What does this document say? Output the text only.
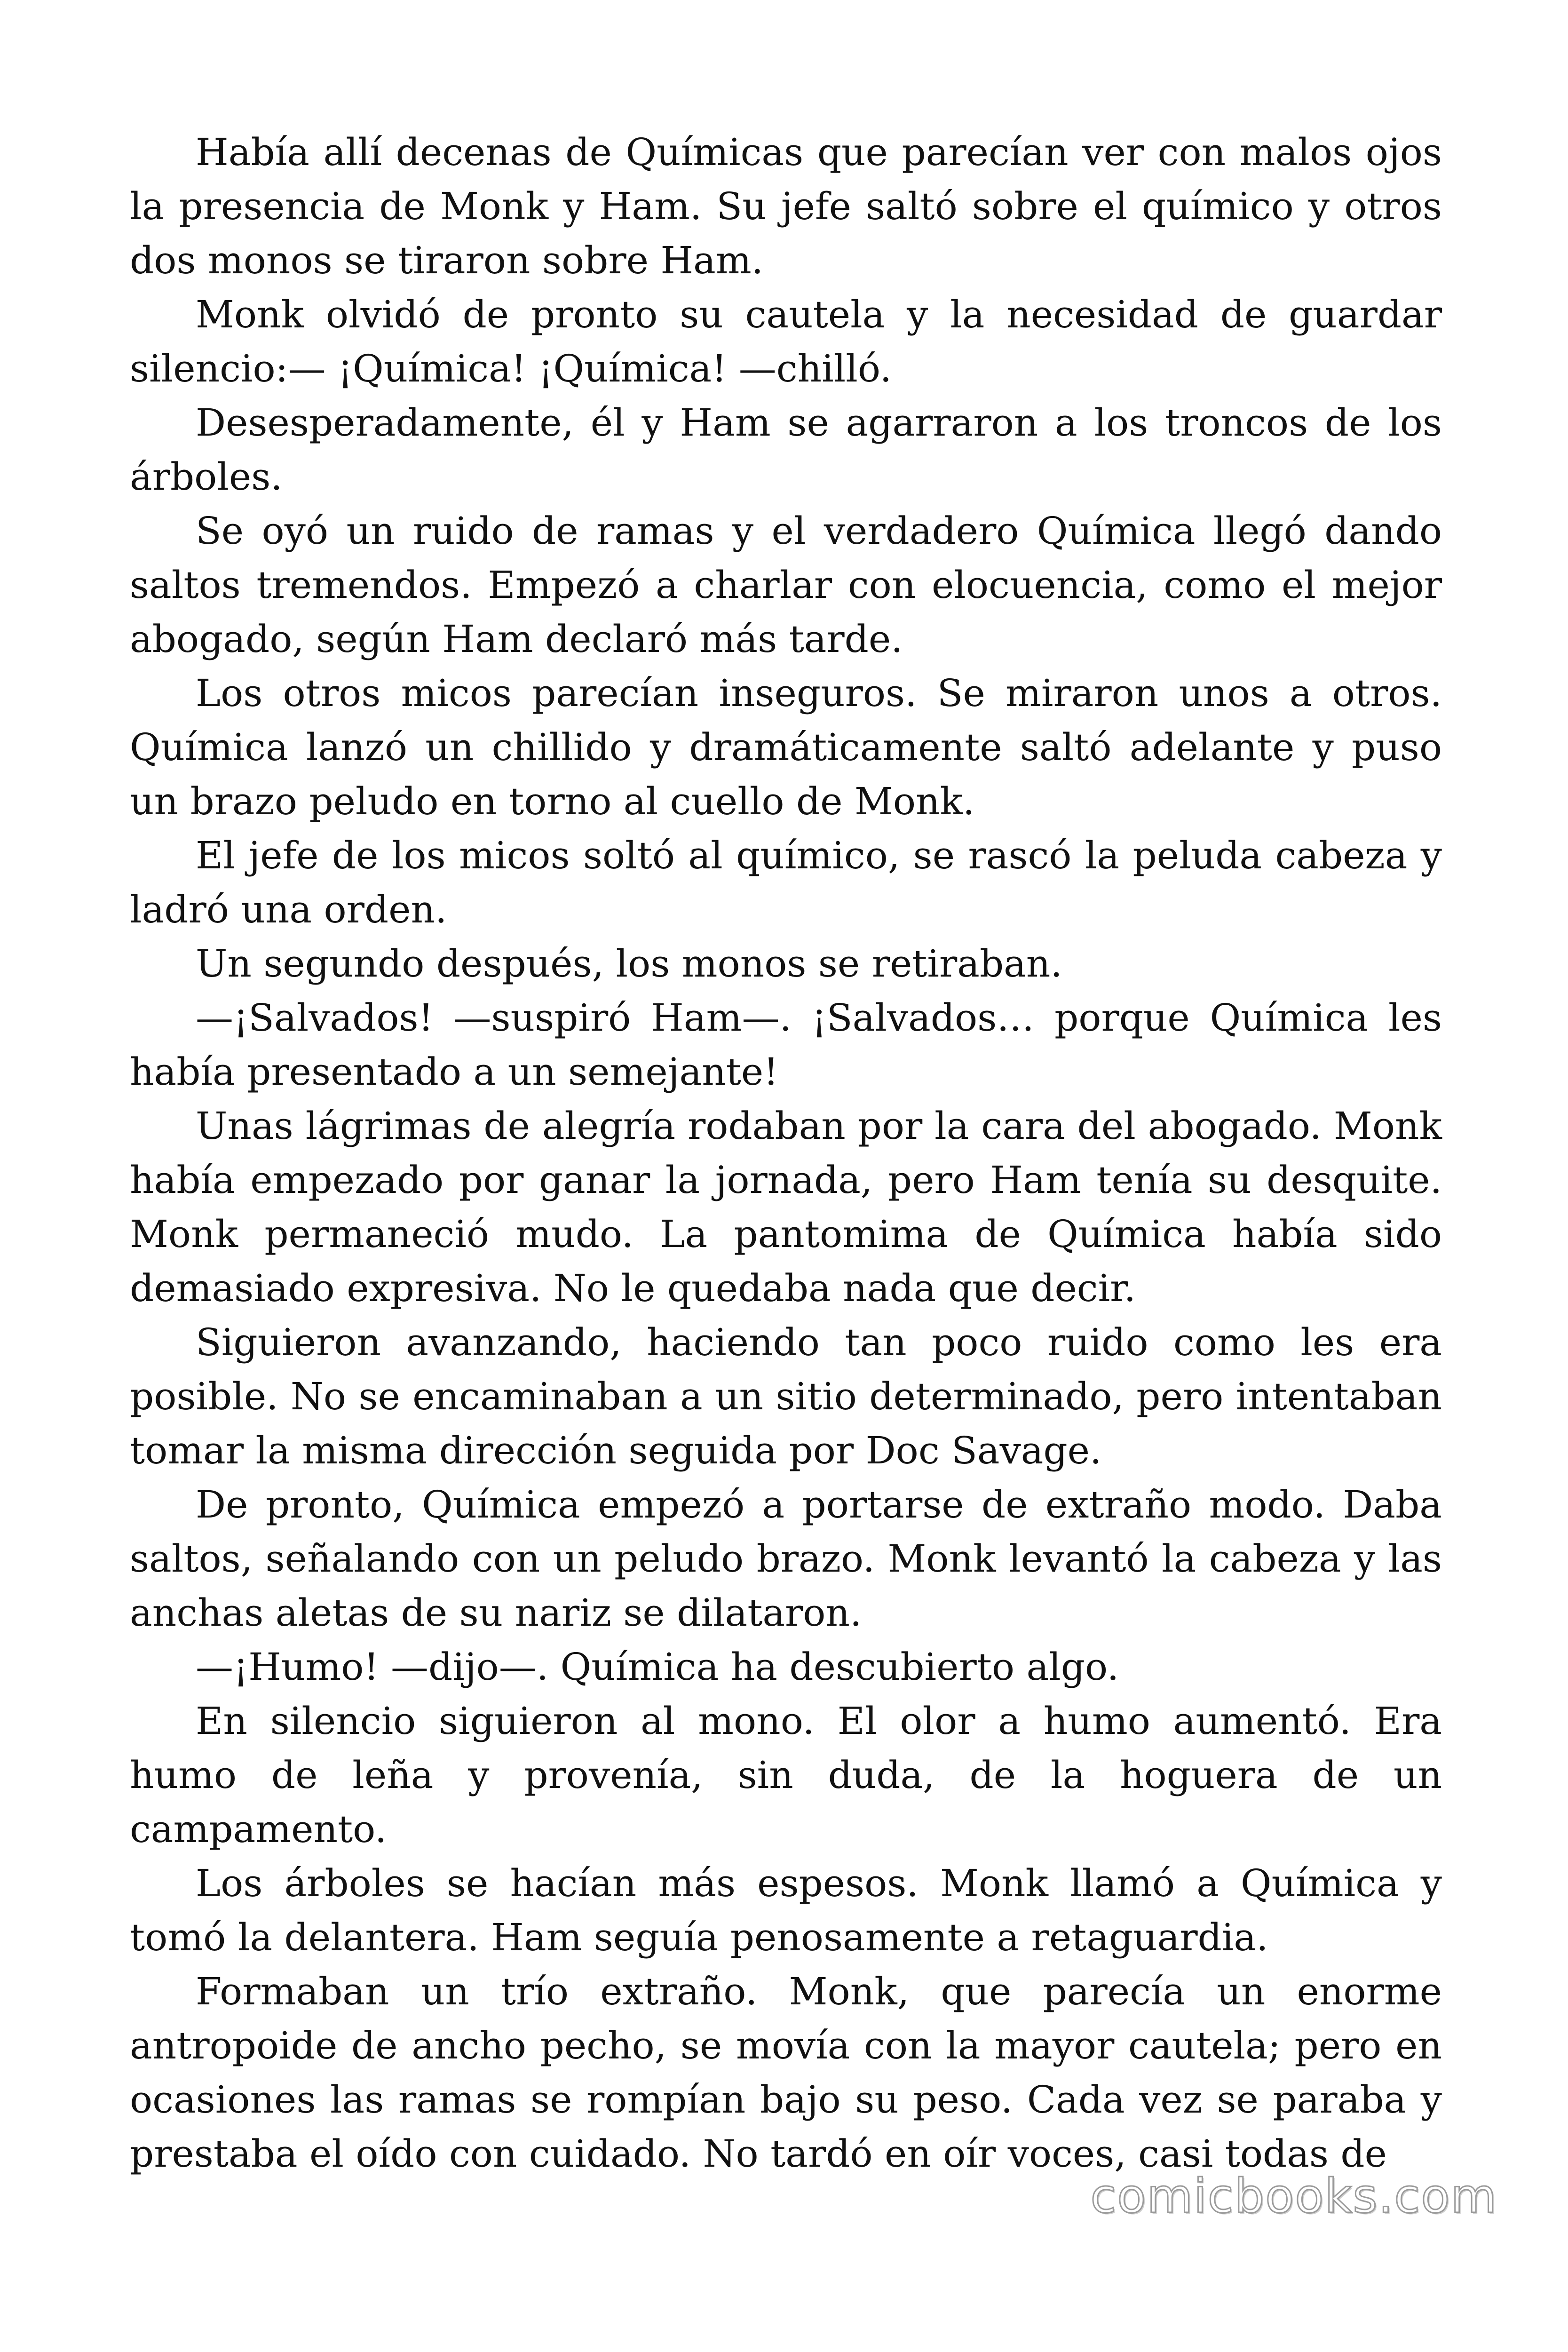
Había allí decenas de Químicas que parecían ver con malos ojos la presencia de Monk y Ham. Su jefe saltó sobre el químico y otros dos monos se tiraron sobre Ham.

Monk olvidó de pronto su cautela y la necesidad de guardar silencio:— ¡Química! ¡Química! —chilló.

Desesperadamente, él y Ham se agarraron a los troncos de los árboles.

Se oyó un ruido de ramas y el verdadero Química llegó dando saltos tremendos. Empezó a charlar con elocuencia, como el mejor abogado, según Ham declaró más tarde.

Los otros micos parecían inseguros. Se miraron unos a otros. Química lanzó un chillido y dramáticamente saltó adelante y puso un brazo peludo en torno al cuello de Monk.

El jefe de los micos soltó al químico, se rascó la peluda cabeza y ladró una orden.

Un segundo después, los monos se retiraban.

—¡Salvados! —suspiró Ham—. ¡Salvados… porque Química les había presentado a un semejante!

Unas lágrimas de alegría rodaban por la cara del abogado. Monk había empezado por ganar la jornada, pero Ham tenía su desquite. Monk permaneció mudo. La pantomima de Química había sido demasiado expresiva. No le quedaba nada que decir.

Siguieron avanzando, haciendo tan poco ruido como les era posible. No se encaminaban a un sitio determinado, pero intentaban tomar la misma dirección seguida por Doc Savage.

De pronto, Química empezó a portarse de extraño modo. Daba saltos, señalando con un peludo brazo. Monk levantó la cabeza y las anchas aletas de su nariz se dilataron.

—¡Humo! —dijo—. Química ha descubierto algo.

En silencio siguieron al mono. El olor a humo aumentó. Era humo de leña y provenía, sin duda, de la hoguera de un campamento.

Los árboles se hacían más espesos. Monk llamó a Química y tomó la delantera. Ham seguía penosamente a retaguardia.

Formaban un trío extraño. Monk, que parecía un enorme antropoide de ancho pecho, se movía con la mayor cautela; pero en ocasiones las ramas se rompían bajo su peso. Cada vez se paraba y prestaba el oído con cuidado. No tardó en oír voces, casi todas de

comicbooks.com
